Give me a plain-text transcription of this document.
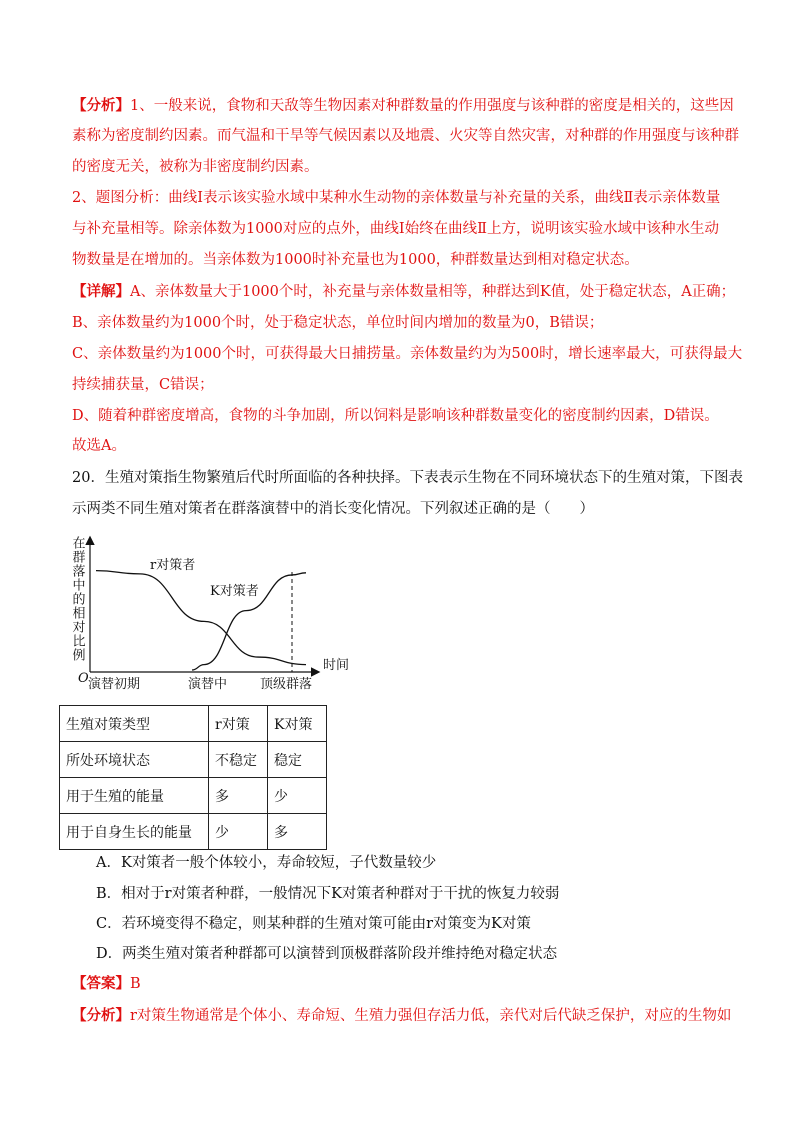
【分析】1、一般来说，食物和天敌等生物因素对种群数量的作用强度与该种群的密度是相关的，这些因
素称为密度制约因素。而气温和干旱等气候因素以及地震、火灾等自然灾害，对种群的作用强度与该种群
的密度无关，被称为非密度制约因素。
2、题图分析：曲线Ⅰ表示该实验水域中某种水生动物的亲体数量与补充量的关系，曲线Ⅱ表示亲体数量
与补充量相等。除亲体数为1000对应的点外，曲线Ⅰ始终在曲线Ⅱ上方，说明该实验水域中该种水生动
物数量是在增加的。当亲体数为1000时补充量也为1000，种群数量达到相对稳定状态。
【详解】A、亲体数量大于1000个时，补充量与亲体数量相等，种群达到K值，处于稳定状态，A正确；
B、亲体数量约为1000个时，处于稳定状态，单位时间内增加的数量为0，B错误；
C、亲体数量约为1000个时，可获得最大日捕捞量。亲体数量约为为500时，增长速率最大，可获得最大
持续捕获量，C错误；
D、随着种群密度增高，食物的斗争加剧，所以饲料是影响该种群数量变化的密度制约因素，D错误。
故选A。
20．生殖对策指生物繁殖后代时所面临的各种抉择。下表表示生物在不同环境状态下的生殖对策，下图表
示两类不同生殖对策者在群落演替中的消长变化情况。下列叙述正确的是（　　）
在群落中的相对比例
时间
O
r对策者
K对策者
演替初期	演替中	顶级群落
生殖对策类型	r对策	K对策
所处环境状态	不稳定	稳定
用于生殖的能量	多	少
用于自身生长的能量	少	多
A．K对策者一般个体较小，寿命较短，子代数量较少
B．相对于r对策者种群，一般情况下K对策者种群对于干扰的恢复力较弱
C．若环境变得不稳定，则某种群的生殖对策可能由r对策变为K对策
D．两类生殖对策者种群都可以演替到顶极群落阶段并维持绝对稳定状态
【答案】B
【分析】r对策生物通常是个体小、寿命短、生殖力强但存活力低，亲代对后代缺乏保护，对应的生物如
